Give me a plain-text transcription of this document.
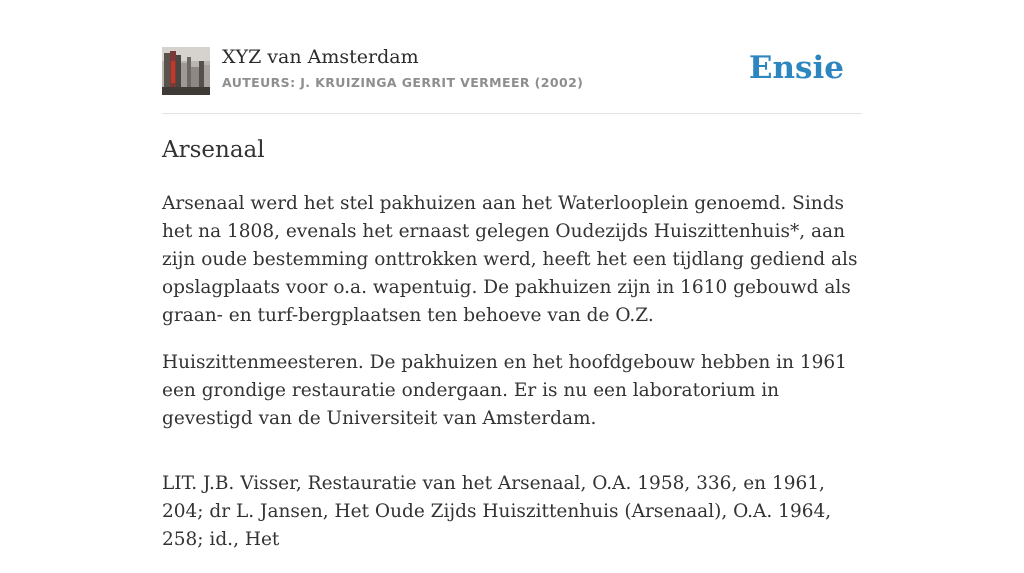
XYZ van Amsterdam
AUTEURS: J. KRUIZINGA GERRIT VERMEER (2002)	Ensie
Arsenaal

Arsenaal werd het stel pakhuizen aan het Waterlooplein genoemd. Sinds het na 1808, evenals het ernaast gelegen Oudezijds Huiszittenhuis*, aan zijn oude bestemming onttrokken werd, heeft het een tijdlang gediend als opslagplaats voor o.a. wapentuig. De pakhuizen zijn in 1610 gebouwd als graan- en turf-bergplaatsen ten behoeve van de O.Z.

Huiszittenmeesteren. De pakhuizen en het hoofdgebouw hebben in 1961 een grondige restauratie ondergaan. Er is nu een laboratorium in gevestigd van de Universiteit van Amsterdam.

LIT. J.B. Visser, Restauratie van het Arsenaal, O.A. 1958, 336, en 1961, 204; dr L. Jansen, Het Oude Zijds Huiszittenhuis (Arsenaal), O.A. 1964, 258; id., Het
